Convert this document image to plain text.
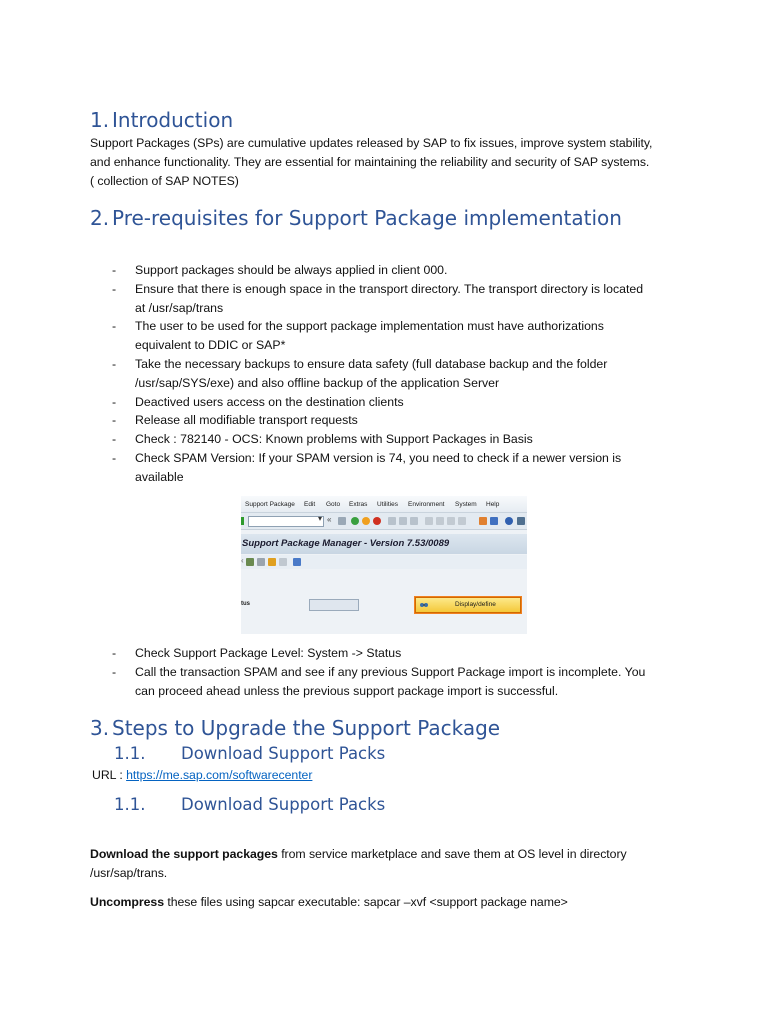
1. Introduction
Support Packages (SPs) are cumulative updates released by SAP to fix issues, improve system stability,
and enhance functionality. They are essential for maintaining the reliability and security of SAP systems.
( collection of SAP NOTES)
2. Pre-requisites for Support Package implementation
- Support packages should be always applied in client 000.
- Ensure that there is enough space in the transport directory. The transport directory is located
at /usr/sap/trans
- The user to be used for the support package implementation must have authorizations
equivalent to DDIC or SAP*
- Take the necessary backups to ensure data safety (full database backup and the folder
/usr/sap/SYS/exe) and also offline backup of the application Server
- Deactived users access on the destination clients
- Release all modifiable transport requests
- Check : 782140 - OCS: Known problems with Support Packages in Basis
- Check SPAM Version: If your SPAM version is 74, you need to check if a newer version is
available
Support Package Edit Goto Extras Utilities Environment System Help
▾
«
Support Package Manager - Version 7.53/0089
‹
tus	Display/define
- Check Support Package Level: System -> Status
- Call the transaction SPAM and see if any previous Support Package import is incomplete. You
can proceed ahead unless the previous support package import is successful.
3. Steps to Upgrade the Support Package
1.1. Download Support Packs
URL : https://me.sap.com/softwarecenter
1.1. Download Support Packs
Download the support packages from service marketplace and save them at OS level in directory
/usr/sap/trans.
Uncompress these files using sapcar executable: sapcar –xvf <support package name>
